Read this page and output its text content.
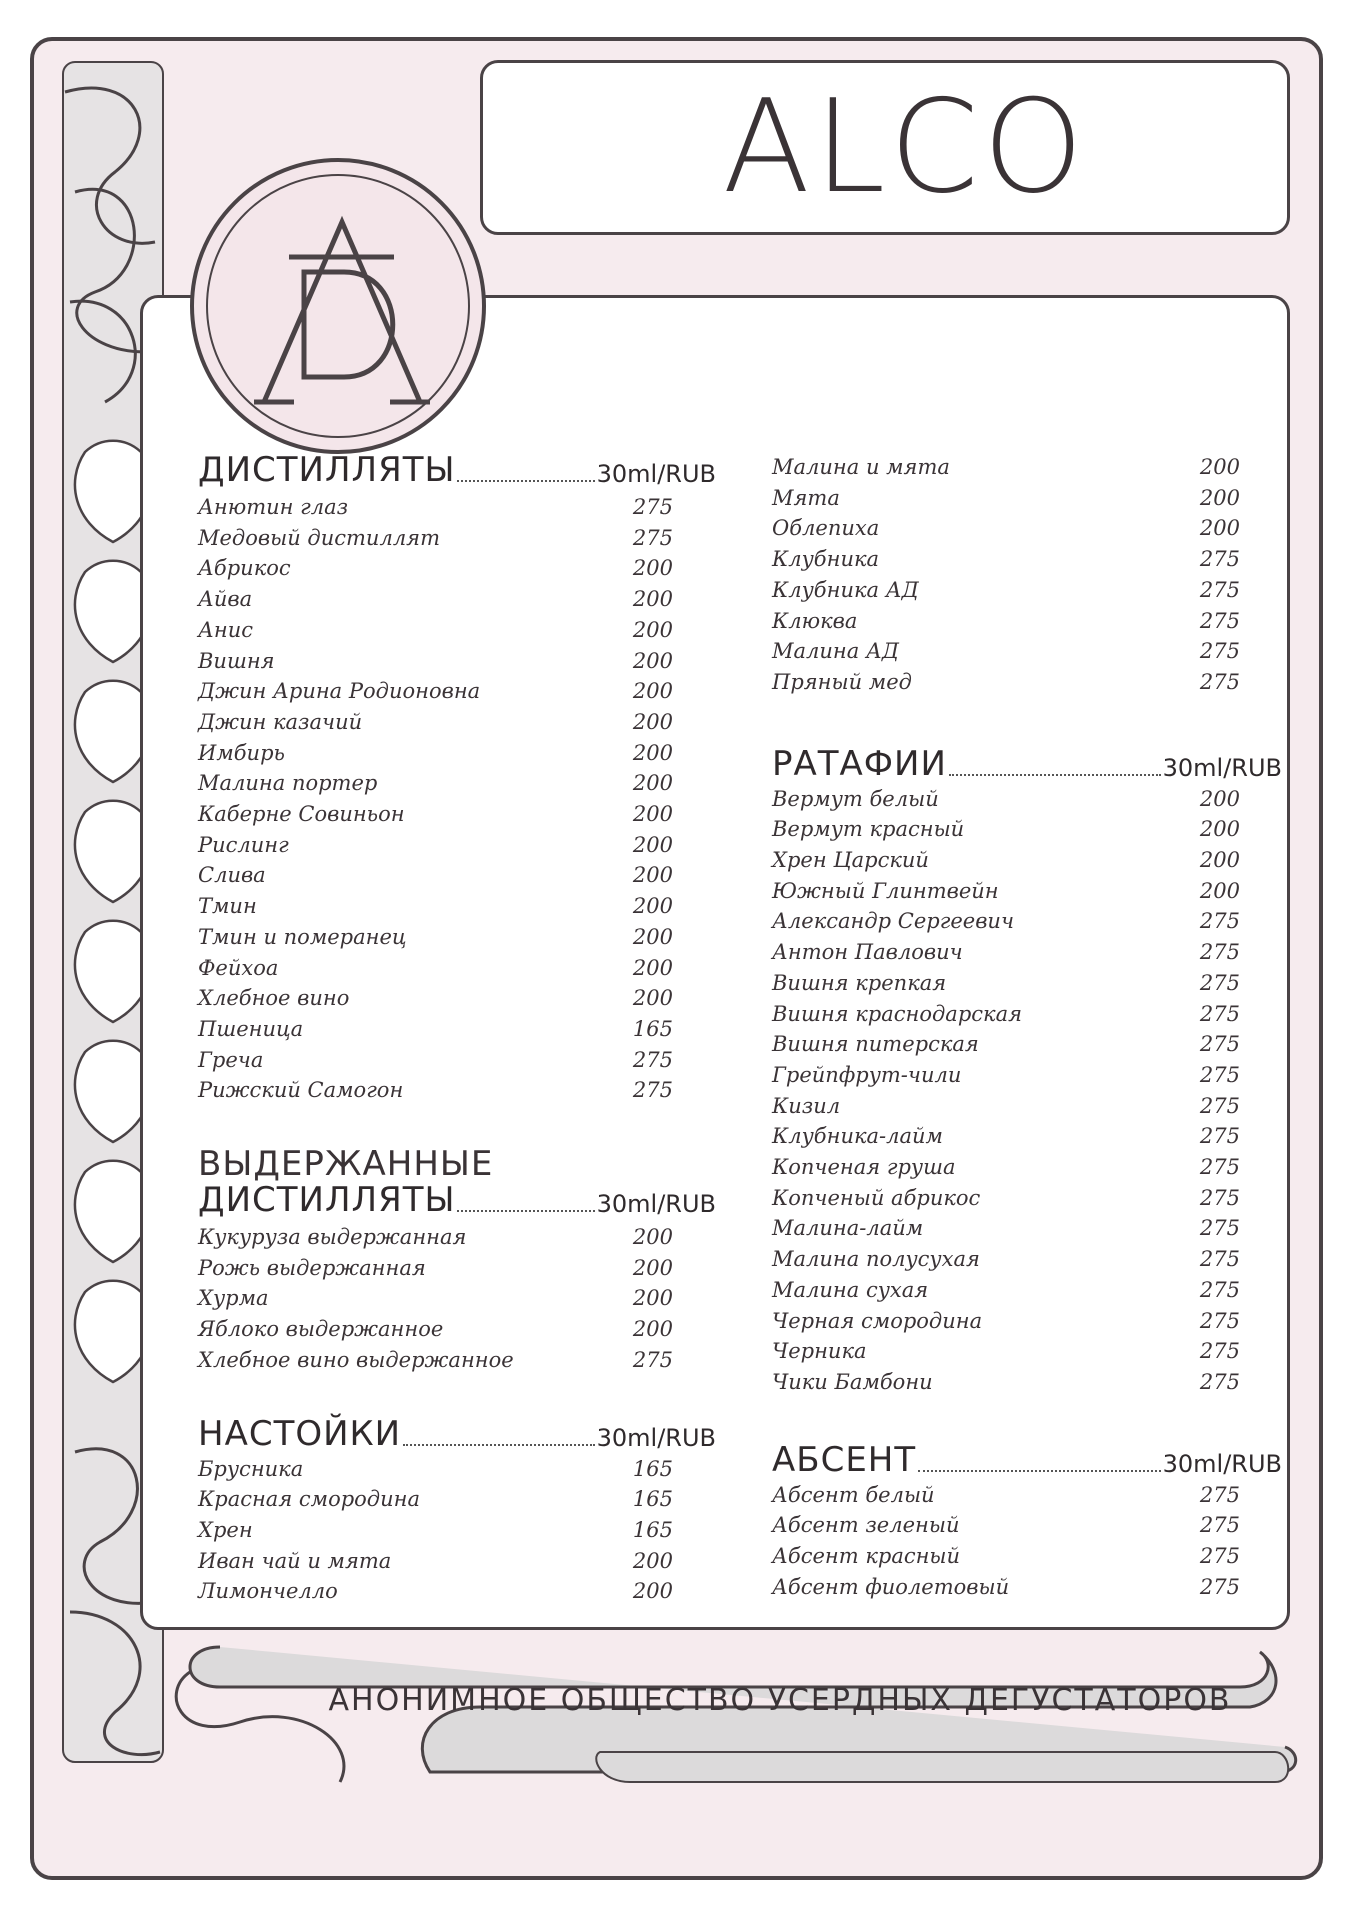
ALCO
ДИСТИЛЛЯТЫ	30ml/RUB
Анютин глаз	275
Медовый дистиллят	275
Абрикос	200
Айва	200
Анис	200
Вишня	200
Джин Арина Родионовна	200
Джин казачий	200
Имбирь	200
Малина портер	200
Каберне Совиньон	200
Рислинг	200
Слива	200
Тмин	200
Тмин и померанец	200
Фейхоа	200
Хлебное вино	200
Пшеница	165
Греча	275
Рижский Самогон	275
ВЫДЕРЖАННЫЕ
ДИСТИЛЛЯТЫ	30ml/RUB
Кукуруза выдержанная	200
Рожь выдержанная	200
Хурма	200
Яблоко выдержанное	200
Хлебное вино выдержанное	275
НАСТОЙКИ	30ml/RUB
Брусника	165
Красная смородина	165
Хрен	165
Иван чай и мята	200
Лимончелло	200
Малина и мята	200
Мята	200
Облепиха	200
Клубника	275
Клубника АД	275
Клюква	275
Малина АД	275
Пряный мед	275
РАТАФИИ	30ml/RUB
Вермут белый	200
Вермут красный	200
Хрен Царский	200
Южный Глинтвейн	200
Александр Сергеевич	275
Антон Павлович	275
Вишня крепкая	275
Вишня краснодарская	275
Вишня питерская	275
Грейпфрут-чили	275
Кизил	275
Клубника-лайм	275
Копченая груша	275
Копченый абрикос	275
Малина-лайм	275
Малина полусухая	275
Малина сухая	275
Черная смородина	275
Черника	275
Чики Бамбони	275
АБСЕНТ	30ml/RUB
Абсент белый	275
Абсент зеленый	275
Абсент красный	275
Абсент фиолетовый	275
АНОНИМНОЕ ОБЩЕСТВО УСЕРДНЫХ ДЕГУСТАТОРОВ
